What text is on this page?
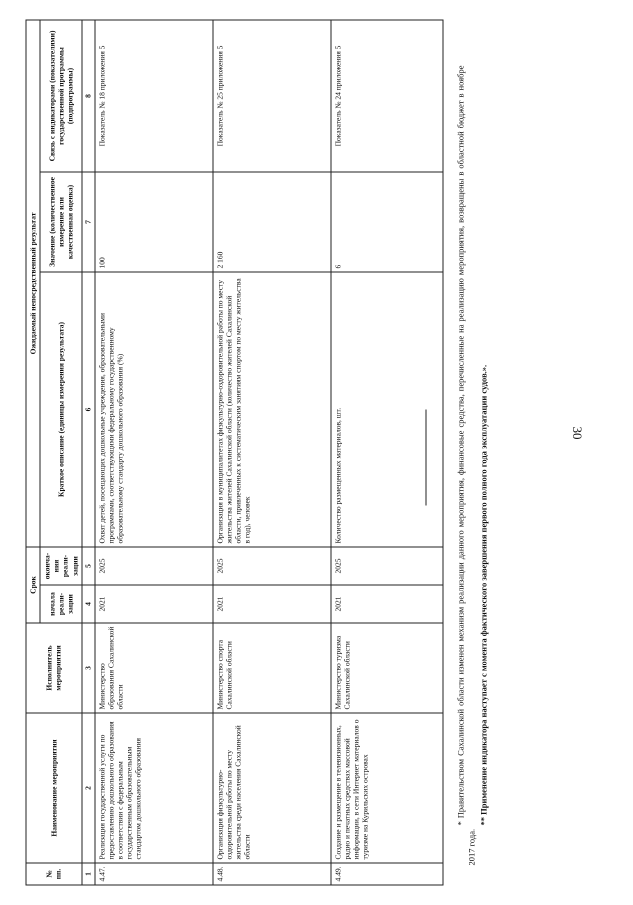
30
№ пп.	Наименование мероприятия	Исполнитель мероприятия	Срок		Ожидаемый непосредственный результат		
			начала реали-зации	оконча-ния реали-зации	Краткое описание (единицы измерения результата)	Значение (количественное измерение или качественная оценка)	Связь с индикаторами (показателями) государственной программы (подпрограммы)
1	2	3	4	5	6	7	8
4.47.	Реализация государственной услуги по предоставлению дошкольного образования в соответствии с федеральным государственным образовательным стандартом дошкольного образования	Министерство образования Сахалинской области	2021	2025	Охват детей, посещающих дошкольные учреждения, образовательными программами, соответствующими федеральному государственному образовательному стандарту дошкольного образования (%)	100	Показатель № 18 приложения 5
4.48.	Организация физкультурно-оздоровительной работы по месту жительства среди населения Сахалинской области	Министерство спорта Сахалинской области	2021	2025	Организация в муниципалитетах физкультурно-оздоровительной работы по месту жительства жителей Сахалинской области (количество жителей Сахалинской области, привлеченных к систематическим занятиям спортом по месту жительства в год), человек	2 160	Показатель № 25 приложения 5
4.49.	Создание и размещение в телевизионных, радио и печатных средствах массовой информации, в сети Интернет материалов о туризме на Курильских островах	Министерство туризма Сахалинской области	2021	2025	Количество размещенных материалов, шт.	6	Показатель № 24 приложения 5	* Правительством Сахалинской области изменен механизм реализации данного мероприятия, финансовые средства, перечисленные на реализацию мероприятия, возвращены в областной бюджет в ноябре 2017 года.

** Применение индикатора наступает с момента фактического завершения первого полного года эксплуатации судов.».
